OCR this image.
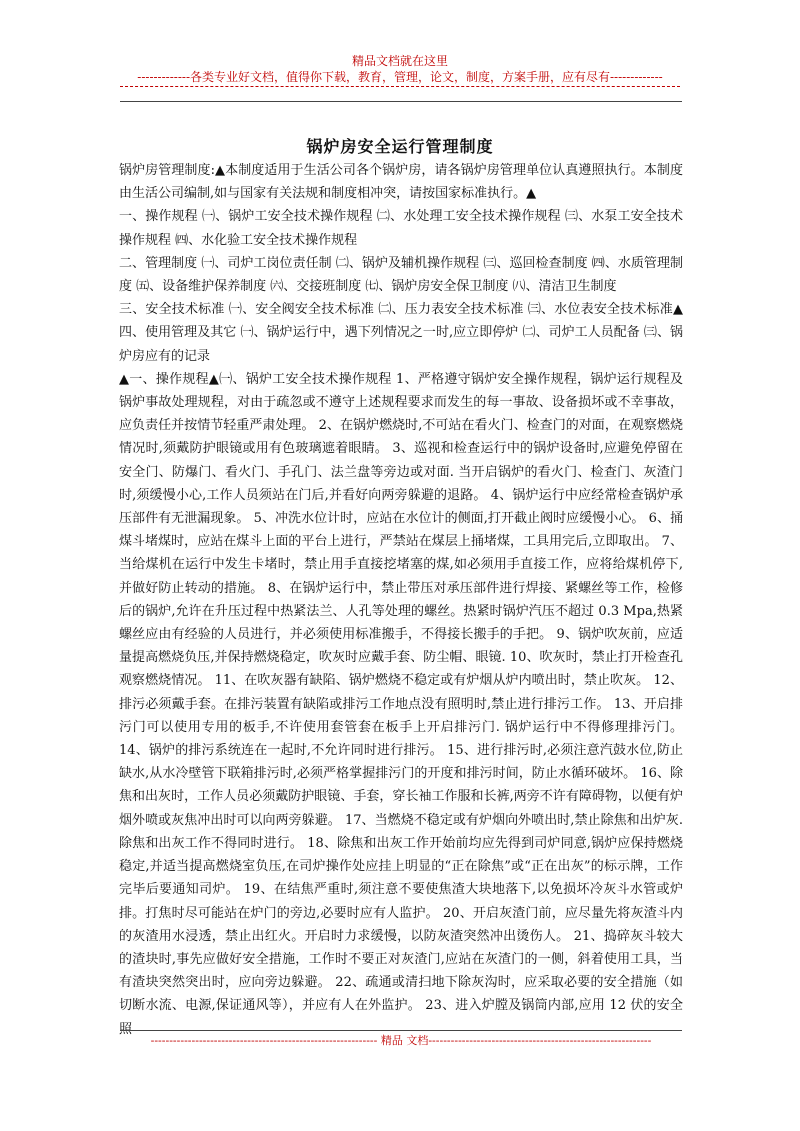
精品文档就在这里
-------------各类专业好文档，值得你下载，教育，管理，论文，制度，方案手册，应有尽有-------------
锅炉房安全运行管理制度

锅炉房管理制度:▲本制度适用于生活公司各个锅炉房，请各锅炉房管理单位认真遵照执行。本制度由生活公司编制,如与国家有关法规和制度相冲突，请按国家标准执行。▲

一、操作规程 ㈠、锅炉工安全技术操作规程 ㈡、水处理工安全技术操作规程 ㈢、水泵工安全技术操作规程 ㈣、水化验工安全技术操作规程

二、管理制度 ㈠、司炉工岗位责任制 ㈡、锅炉及辅机操作规程 ㈢、巡回检查制度 ㈣、水质管理制度 ㈤、设备维护保养制度 ㈥、交接班制度 ㈦、锅炉房安全保卫制度 ㈧、清洁卫生制度

三、安全技术标准 ㈠、安全阀安全技术标准 ㈡、压力表安全技术标准 ㈢、水位表安全技术标准▲四、使用管理及其它 ㈠、锅炉运行中，遇下列情况之一时,应立即停炉 ㈡、司炉工人员配备 ㈢、锅炉房应有的记录

▲一、操作规程▲㈠、锅炉工安全技术操作规程 1、严格遵守锅炉安全操作规程，锅炉运行规程及锅炉事故处理规程，对由于疏忽或不遵守上述规程要求而发生的每一事故、设备损坏或不幸事故，应负责任并按情节轻重严肃处理。 2、在锅炉燃烧时,不可站在看火门、检查门的对面，在观察燃烧情况时,须戴防护眼镜或用有色玻璃遮着眼睛。 3、巡视和检查运行中的锅炉设备时,应避免停留在安全门、防爆门、看火门、手孔门、法兰盘等旁边或对面. 当开启锅炉的看火门、检查门、灰渣门时,须缓慢小心,工作人员须站在门后,并看好向两旁躲避的退路。 4、锅炉运行中应经常检查锅炉承压部件有无泄漏现象。 5、冲洗水位计时，应站在水位计的侧面,打开截止阀时应缓慢小心。 6、捅煤斗堵煤时，应站在煤斗上面的平台上进行，严禁站在煤层上捅堵煤，工具用完后,立即取出。 7、当给煤机在运行中发生卡堵时，禁止用手直接挖堵塞的煤,如必须用手直接工作，应将给煤机停下,并做好防止转动的措施。 8、在锅炉运行中，禁止带压对承压部件进行焊接、紧螺丝等工作，检修后的锅炉,允许在升压过程中热紧法兰、人孔等处理的螺丝。热紧时锅炉汽压不超过 0.3 Mpa,热紧螺丝应由有经验的人员进行，并必须使用标准搬手，不得接长搬手的手把。 9、锅炉吹灰前，应适量提高燃烧负压,并保持燃烧稳定，吹灰时应戴手套、防尘帽、眼镜. 10、吹灰时，禁止打开检查孔观察燃烧情况。 11、在吹灰器有缺陷、锅炉燃烧不稳定或有炉烟从炉内喷出时，禁止吹灰。 12、排污必须戴手套。在排污装置有缺陷或排污工作地点没有照明时,禁止进行排污工作。 13、开启排污门可以使用专用的板手,不许使用套管套在板手上开启排污门. 锅炉运行中不得修理排污门。 14、锅炉的排污系统连在一起时,不允许同时进行排污。 15、进行排污时,必须注意汽鼓水位,防止缺水,从水冷壁管下联箱排污时,必须严格掌握排污门的开度和排污时间，防止水循环破坏。 16、除焦和出灰时，工作人员必须戴防护眼镜、手套，穿长袖工作服和长裤,两旁不许有障碍物，以便有炉烟外喷或灰焦冲出时可以向两旁躲避。 17、当燃烧不稳定或有炉烟向外喷出时,禁止除焦和出炉灰. 除焦和出灰工作不得同时进行。 18、除焦和出灰工作开始前均应先得到司炉同意,锅炉应保持燃烧稳定,并适当提高燃烧室负压,在司炉操作处应挂上明显的“正在除焦”或“正在出灰”的标示牌，工作完毕后要通知司炉。 19、在结焦严重时,须注意不要使焦渣大块地落下,以免损坏冷灰斗水管或炉排。打焦时尽可能站在炉门的旁边,必要时应有人监护。 20、开启灰渣门前，应尽量先将灰渣斗内的灰渣用水浸透，禁止出红火。开启时力求缓慢，以防灰渣突然冲出烫伤人。 21、捣碎灰斗较大的渣块时,事先应做好安全措施，工作时不要正对灰渣门,应站在灰渣门的一侧，斜着使用工具，当有渣块突然突出时，应向旁边躲避。 22、疏通或清扫地下除灰沟时，应采取必要的安全措施（如切断水流、电源,保证通风等），并应有人在外监护。 23、进入炉膛及锅筒内部,应用 12 伏的安全照

------------------------------------------------------------- 精品 文档------------------------------------------------------------
